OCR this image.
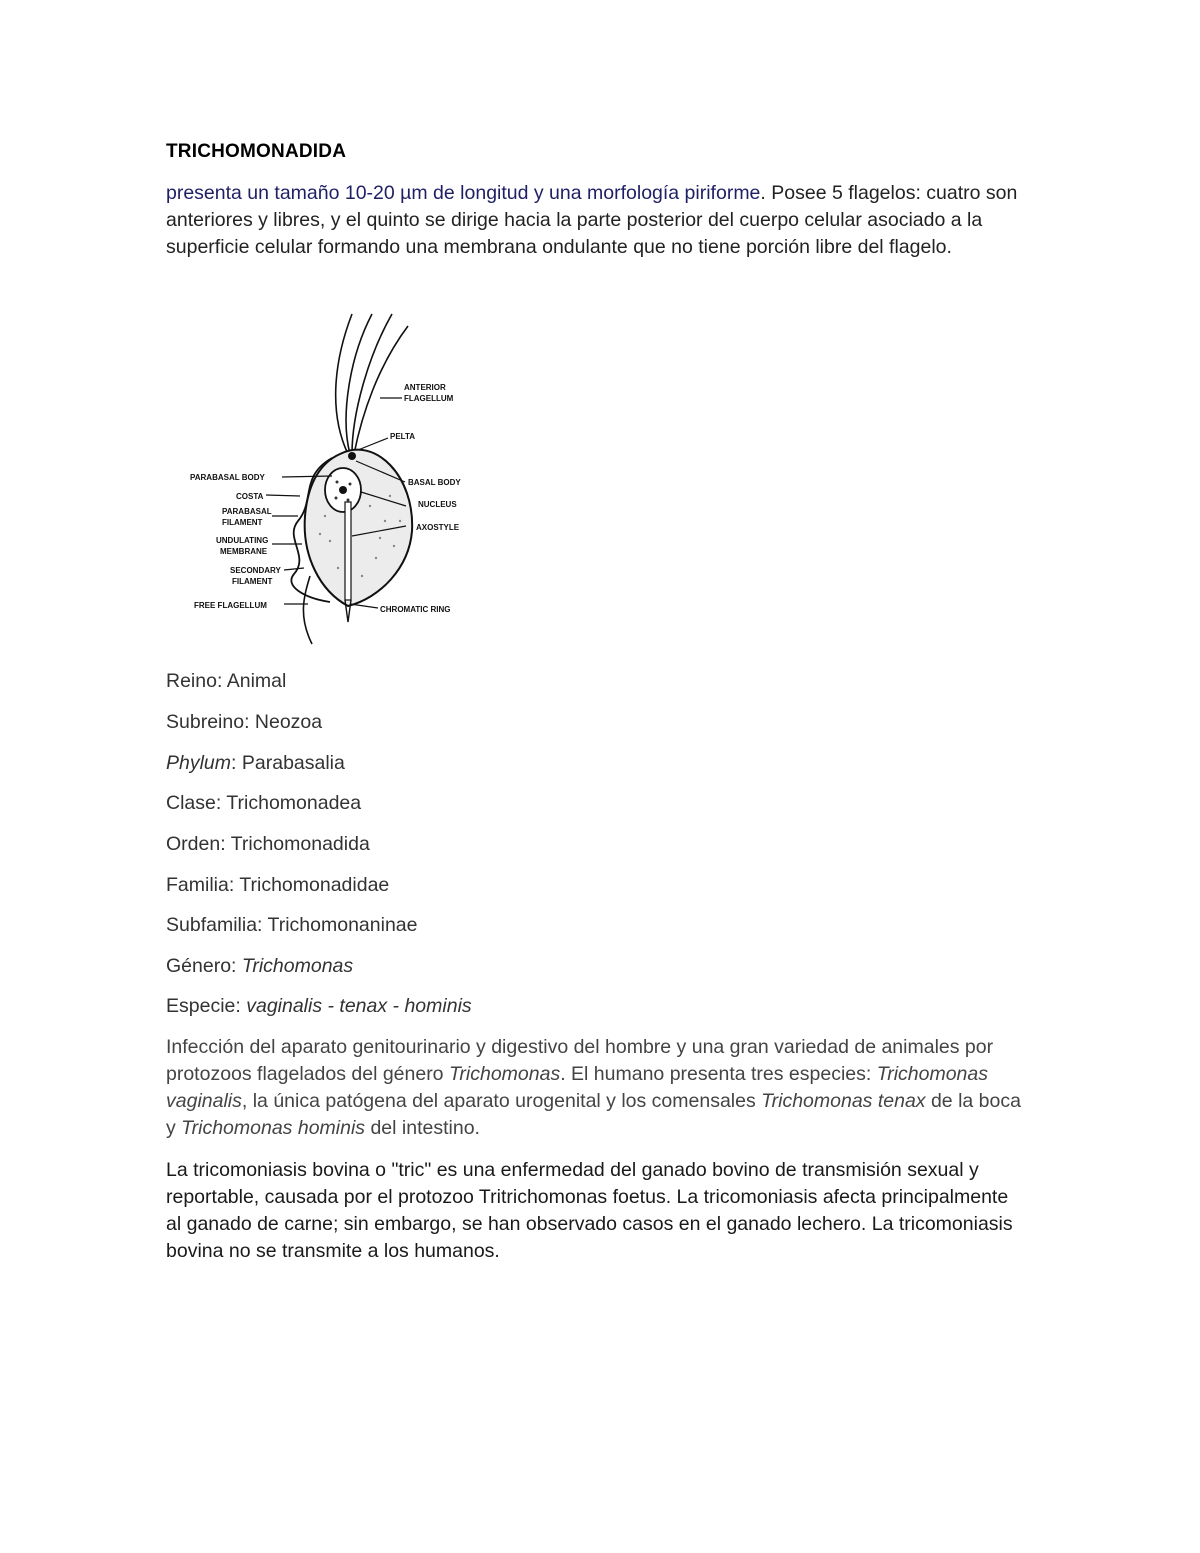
TRICHOMONADIDA
presenta un tamaño 10-20 µm de longitud y una morfología piriforme. Posee 5 flagelos: cuatro son anteriores y libres, y el quinto se dirige hacia la parte posterior del cuerpo celular asociado a la superficie celular formando una membrana ondulante que no tiene porción libre del flagelo.
ANTERIOR
FLAGELLUM
PELTA
BASAL BODY
NUCLEUS
AXOSTYLE
CHROMATIC RING
PARABASAL BODY
COSTA
PARABASAL
FILAMENT
UNDULATING
MEMBRANE
SECONDARY
FILAMENT
FREE FLAGELLUM
Reino: Animal
Subreino: Neozoa
Phylum: Parabasalia
Clase: Trichomonadea
Orden: Trichomonadida
Familia: Trichomonadidae
Subfamilia: Trichomonaninae
Género: Trichomonas
Especie: vaginalis - tenax - hominis
Infección del aparato genitourinario y digestivo del hombre y una gran variedad de animales por protozoos flagelados del género Trichomonas. El humano presenta tres especies: Trichomonas vaginalis, la única patógena del aparato urogenital y los comensales Trichomonas tenax de la boca y Trichomonas hominis del intestino.
La tricomoniasis bovina o "tric" es una enfermedad del ganado bovino de transmisión sexual y reportable, causada por el protozoo Tritrichomonas foetus. La tricomoniasis afecta principalmente al ganado de carne; sin embargo, se han observado casos en el ganado lechero. La tricomoniasis bovina no se transmite a los humanos.
